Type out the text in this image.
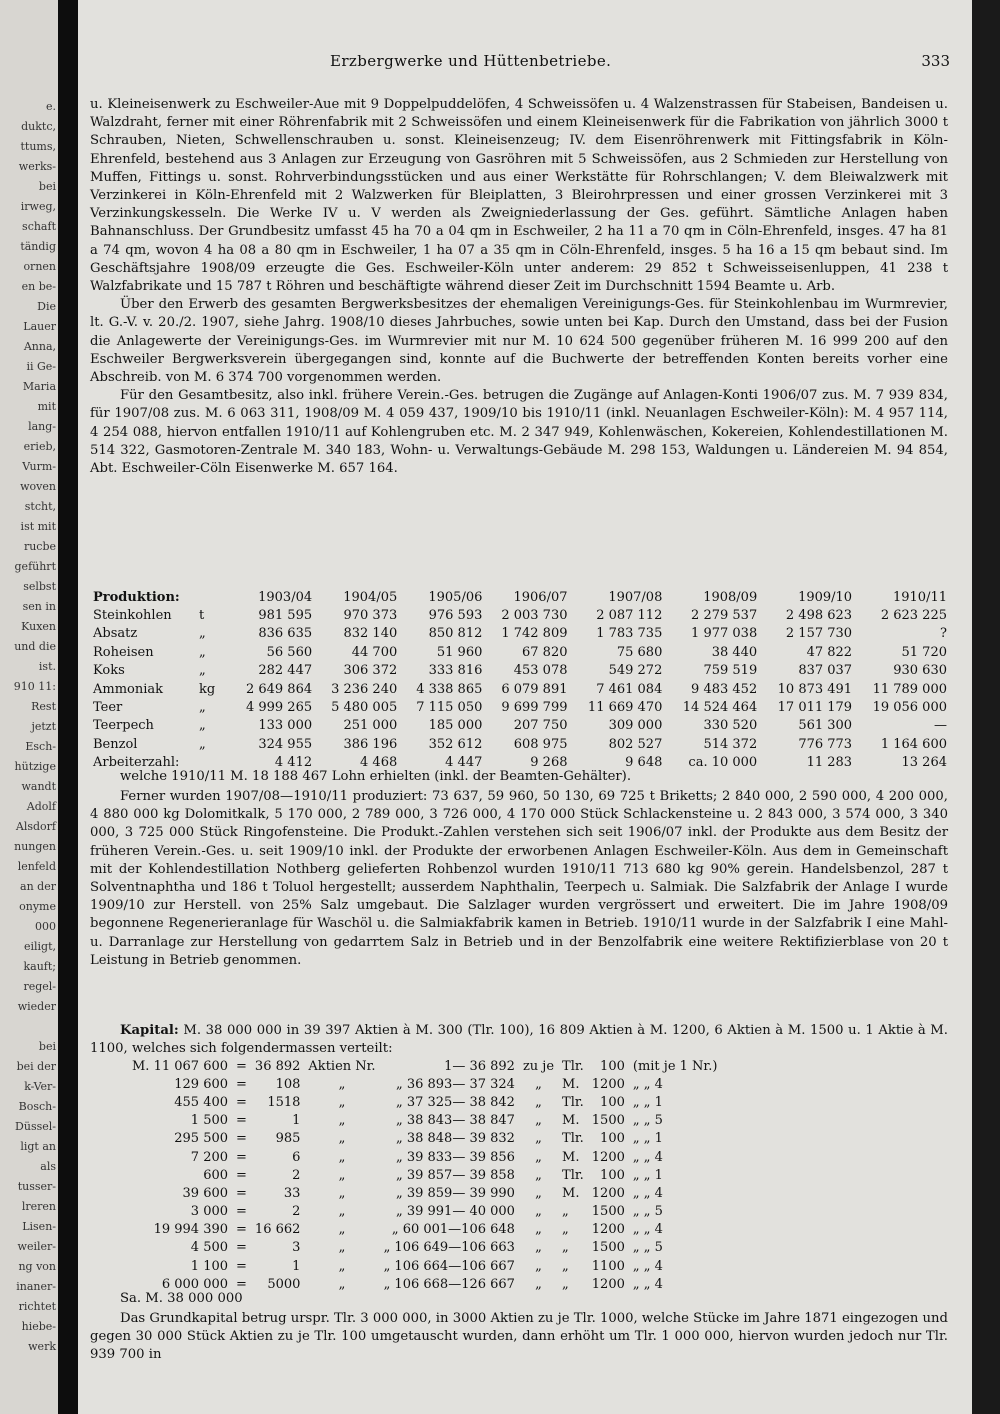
e.
duktc,
ttums,
werks-
bei
irweg,
schaft
tändig
ornen
en be-
Die
Lauer
Anna,
ii Ge-
Maria
mit
lang-
erieb,
Vurm-
woven
stcht,
ist mit
rucbe
geführt
selbst
sen in
Kuxen
und die
ist.
910 11:
Rest
jetzt
Esch-
hützige
wandt
Adolf
Alsdorf
nungen
lenfeld
an der
onyme
000
eiligt,
kauft;
regel-
wieder
bei
bei der
k-Ver-
Bosch-
Düssel-
ligt an
als
tusser-
lreren
Lisen-
weiler-
ng von
inaner-
richtet
hiebe-
werk
Erzbergwerke und Hüttenbetriebe.	333

u. Kleineisenwerk zu Eschweiler-Aue mit 9 Doppelpuddelöfen, 4 Schweissöfen u. 4 Walzenstrassen für Stabeisen, Bandeisen u. Walzdraht, ferner mit einer Röhrenfabrik mit 2 Schweissöfen und einem Kleineisenwerk für die Fabrikation von jährlich 3000 t Schrauben, Nieten, Schwellenschrauben u. sonst. Kleineisenzeug; IV. dem Eisenröhrenwerk mit Fittingsfabrik in Köln-Ehrenfeld, bestehend aus 3 Anlagen zur Erzeugung von Gasröhren mit 5 Schweissöfen, aus 2 Schmieden zur Herstellung von Muffen, Fittings u. sonst. Rohrverbindungsstücken und aus einer Werkstätte für Rohrschlangen; V. dem Bleiwalzwerk mit Verzinkerei in Köln-Ehrenfeld mit 2 Walzwerken für Bleiplatten, 3 Bleirohrpressen und einer grossen Verzinkerei mit 3 Verzinkungskesseln. Die Werke IV u. V werden als Zweigniederlassung der Ges. geführt. Sämtliche Anlagen haben Bahnanschluss. Der Grundbesitz umfasst 45 ha 70 a 04 qm in Eschweiler, 2 ha 11 a 70 qm in Cöln-Ehrenfeld, insges. 47 ha 81 a 74 qm, wovon 4 ha 08 a 80 qm in Eschweiler, 1 ha 07 a 35 qm in Cöln-Ehrenfeld, insges. 5 ha 16 a 15 qm bebaut sind. Im Geschäftsjahre 1908/09 erzeugte die Ges. Eschweiler-Köln unter anderem: 29 852 t Schweisseisenluppen, 41 238 t Walzfabrikate und 15 787 t Röhren und beschäftigte während dieser Zeit im Durchschnitt 1594 Beamte u. Arb.

Über den Erwerb des gesamten Bergwerksbesitzes der ehemaligen Vereinigungs-Ges. für Steinkohlenbau im Wurmrevier, lt. G.-V. v. 20./2. 1907, siehe Jahrg. 1908/10 dieses Jahrbuches, sowie unten bei Kap. Durch den Umstand, dass bei der Fusion die Anlagewerte der Vereinigungs-Ges. im Wurmrevier mit nur M. 10 624 500 gegenüber früheren M. 16 999 200 auf den Eschweiler Bergwerksverein übergegangen sind, konnte auf die Buchwerte der betreffenden Konten bereits vorher eine Abschreib. von M. 6 374 700 vorgenommen werden.

Für den Gesamtbesitz, also inkl. frühere Verein.-Ges. betrugen die Zugänge auf Anlagen-Konti 1906/07 zus. M. 7 939 834, für 1907/08 zus. M. 6 063 311, 1908/09 M. 4 059 437, 1909/10 bis 1910/11 (inkl. Neuanlagen Eschweiler-Köln): M. 4 957 114, 4 254 088, hiervon entfallen 1910/11 auf Kohlengruben etc. M. 2 347 949, Kohlenwäschen, Kokereien, Kohlendestillationen M. 514 322, Gasmotoren-Zentrale M. 340 183, Wohn- u. Verwaltungs-Gebäude M. 298 153, Waldungen u. Ländereien M. 94 854, Abt. Eschweiler-Cöln Eisenwerke M. 657 164.

Produktion:		1903/04	1904/05	1905/06	1906/07	1907/08	1908/09	1909/10	1910/11
Steinkohlen	t	981 595	970 373	976 593	2 003 730	2 087 112	2 279 537	2 498 623	2 623 225
Absatz	„	836 635	832 140	850 812	1 742 809	1 783 735	1 977 038	2 157 730	?
Roheisen	„	56 560	44 700	51 960	67 820	75 680	38 440	47 822	51 720
Koks	„	282 447	306 372	333 816	453 078	549 272	759 519	837 037	930 630
Ammoniak	kg	2 649 864	3 236 240	4 338 865	6 079 891	7 461 084	9 483 452	10 873 491	11 789 000
Teer	„	4 999 265	5 480 005	7 115 050	9 699 799	11 669 470	14 524 464	17 011 179	19 056 000
Teerpech	„	133 000	251 000	185 000	207 750	309 000	330 520	561 300	—
Benzol	„	324 955	386 196	352 612	608 975	802 527	514 372	776 773	1 164 600
Arbeiterzahl:		4 412	4 468	4 447	9 268	9 648	ca. 10 000	11 283	13 264
welche 1910/11 M. 18 188 467 Lohn erhielten (inkl. der Beamten-Gehälter).

Ferner wurden 1907/08—1910/11 produziert: 73 637, 59 960, 50 130, 69 725 t Briketts; 2 840 000, 2 590 000, 4 200 000, 4 880 000 kg Dolomitkalk, 5 170 000, 2 789 000, 3 726 000, 4 170 000 Stück Schlackensteine u. 2 843 000, 3 574 000, 3 340 000, 3 725 000 Stück Ringofensteine. Die Produkt.-Zahlen verstehen sich seit 1906/07 inkl. der Produkte aus dem Besitz der früheren Verein.-Ges. u. seit 1909/10 inkl. der Produkte der erworbenen Anlagen Eschweiler-Köln. Aus dem in Gemeinschaft mit der Kohlendestillation Nothberg gelieferten Rohbenzol wurden 1910/11 713 680 kg 90% gerein. Handelsbenzol, 287 t Solventnaphtha und 186 t Toluol hergestellt; ausserdem Naphthalin, Teerpech u. Salmiak. Die Salzfabrik der Anlage I wurde 1909/10 zur Herstell. von 25% Salz umgebaut. Die Salzlager wurden vergrössert und erweitert. Die im Jahre 1908/09 begonnene Regenerieranlage für Waschöl u. die Salmiakfabrik kamen in Betrieb. 1910/11 wurde in der Salzfabrik I eine Mahl- u. Darranlage zur Herstellung von gedarrtem Salz in Betrieb und in der Benzolfabrik eine weitere Rektifizierblase von 20 t Leistung in Betrieb genommen.

Kapital: M. 38 000 000 in 39 397 Aktien à M. 300 (Tlr. 100), 16 809 Aktien à M. 1200, 6 Aktien à M. 1500 u. 1 Aktie à M. 1100, welches sich folgendermassen verteilt:

M. 11 067 600	=	36 892	Aktien Nr.	1— 36 892	zu je	Tlr.	100	(mit je 1 Nr.)
129 600	=	108	„	„ 36 893— 37 324	„	M.	1200	„ „ 4
455 400	=	1518	„	„ 37 325— 38 842	„	Tlr.	100	„ „ 1
1 500	=	1	„	„ 38 843— 38 847	„	M.	1500	„ „ 5
295 500	=	985	„	„ 38 848— 39 832	„	Tlr.	100	„ „ 1
7 200	=	6	„	„ 39 833— 39 856	„	M.	1200	„ „ 4
600	=	2	„	„ 39 857— 39 858	„	Tlr.	100	„ „ 1
39 600	=	33	„	„ 39 859— 39 990	„	M.	1200	„ „ 4
3 000	=	2	„	„ 39 991— 40 000	„	„	1500	„ „ 5
19 994 390	=	16 662	„	„ 60 001—106 648	„	„	1200	„ „ 4
4 500	=	3	„	„ 106 649—106 663	„	„	1500	„ „ 5
1 100	=	1	„	„ 106 664—106 667	„	„	1100	„ „ 4
6 000 000	=	5000	„	„ 106 668—126 667	„	„	1200	„ „ 4
Sa. M. 38 000 000

Das Grundkapital betrug urspr. Tlr. 3 000 000, in 3000 Aktien zu je Tlr. 1000, welche Stücke im Jahre 1871 eingezogen und gegen 30 000 Stück Aktien zu je Tlr. 100 umgetauscht wurden, dann erhöht um Tlr. 1 000 000, hiervon wurden jedoch nur Tlr. 939 700 in
